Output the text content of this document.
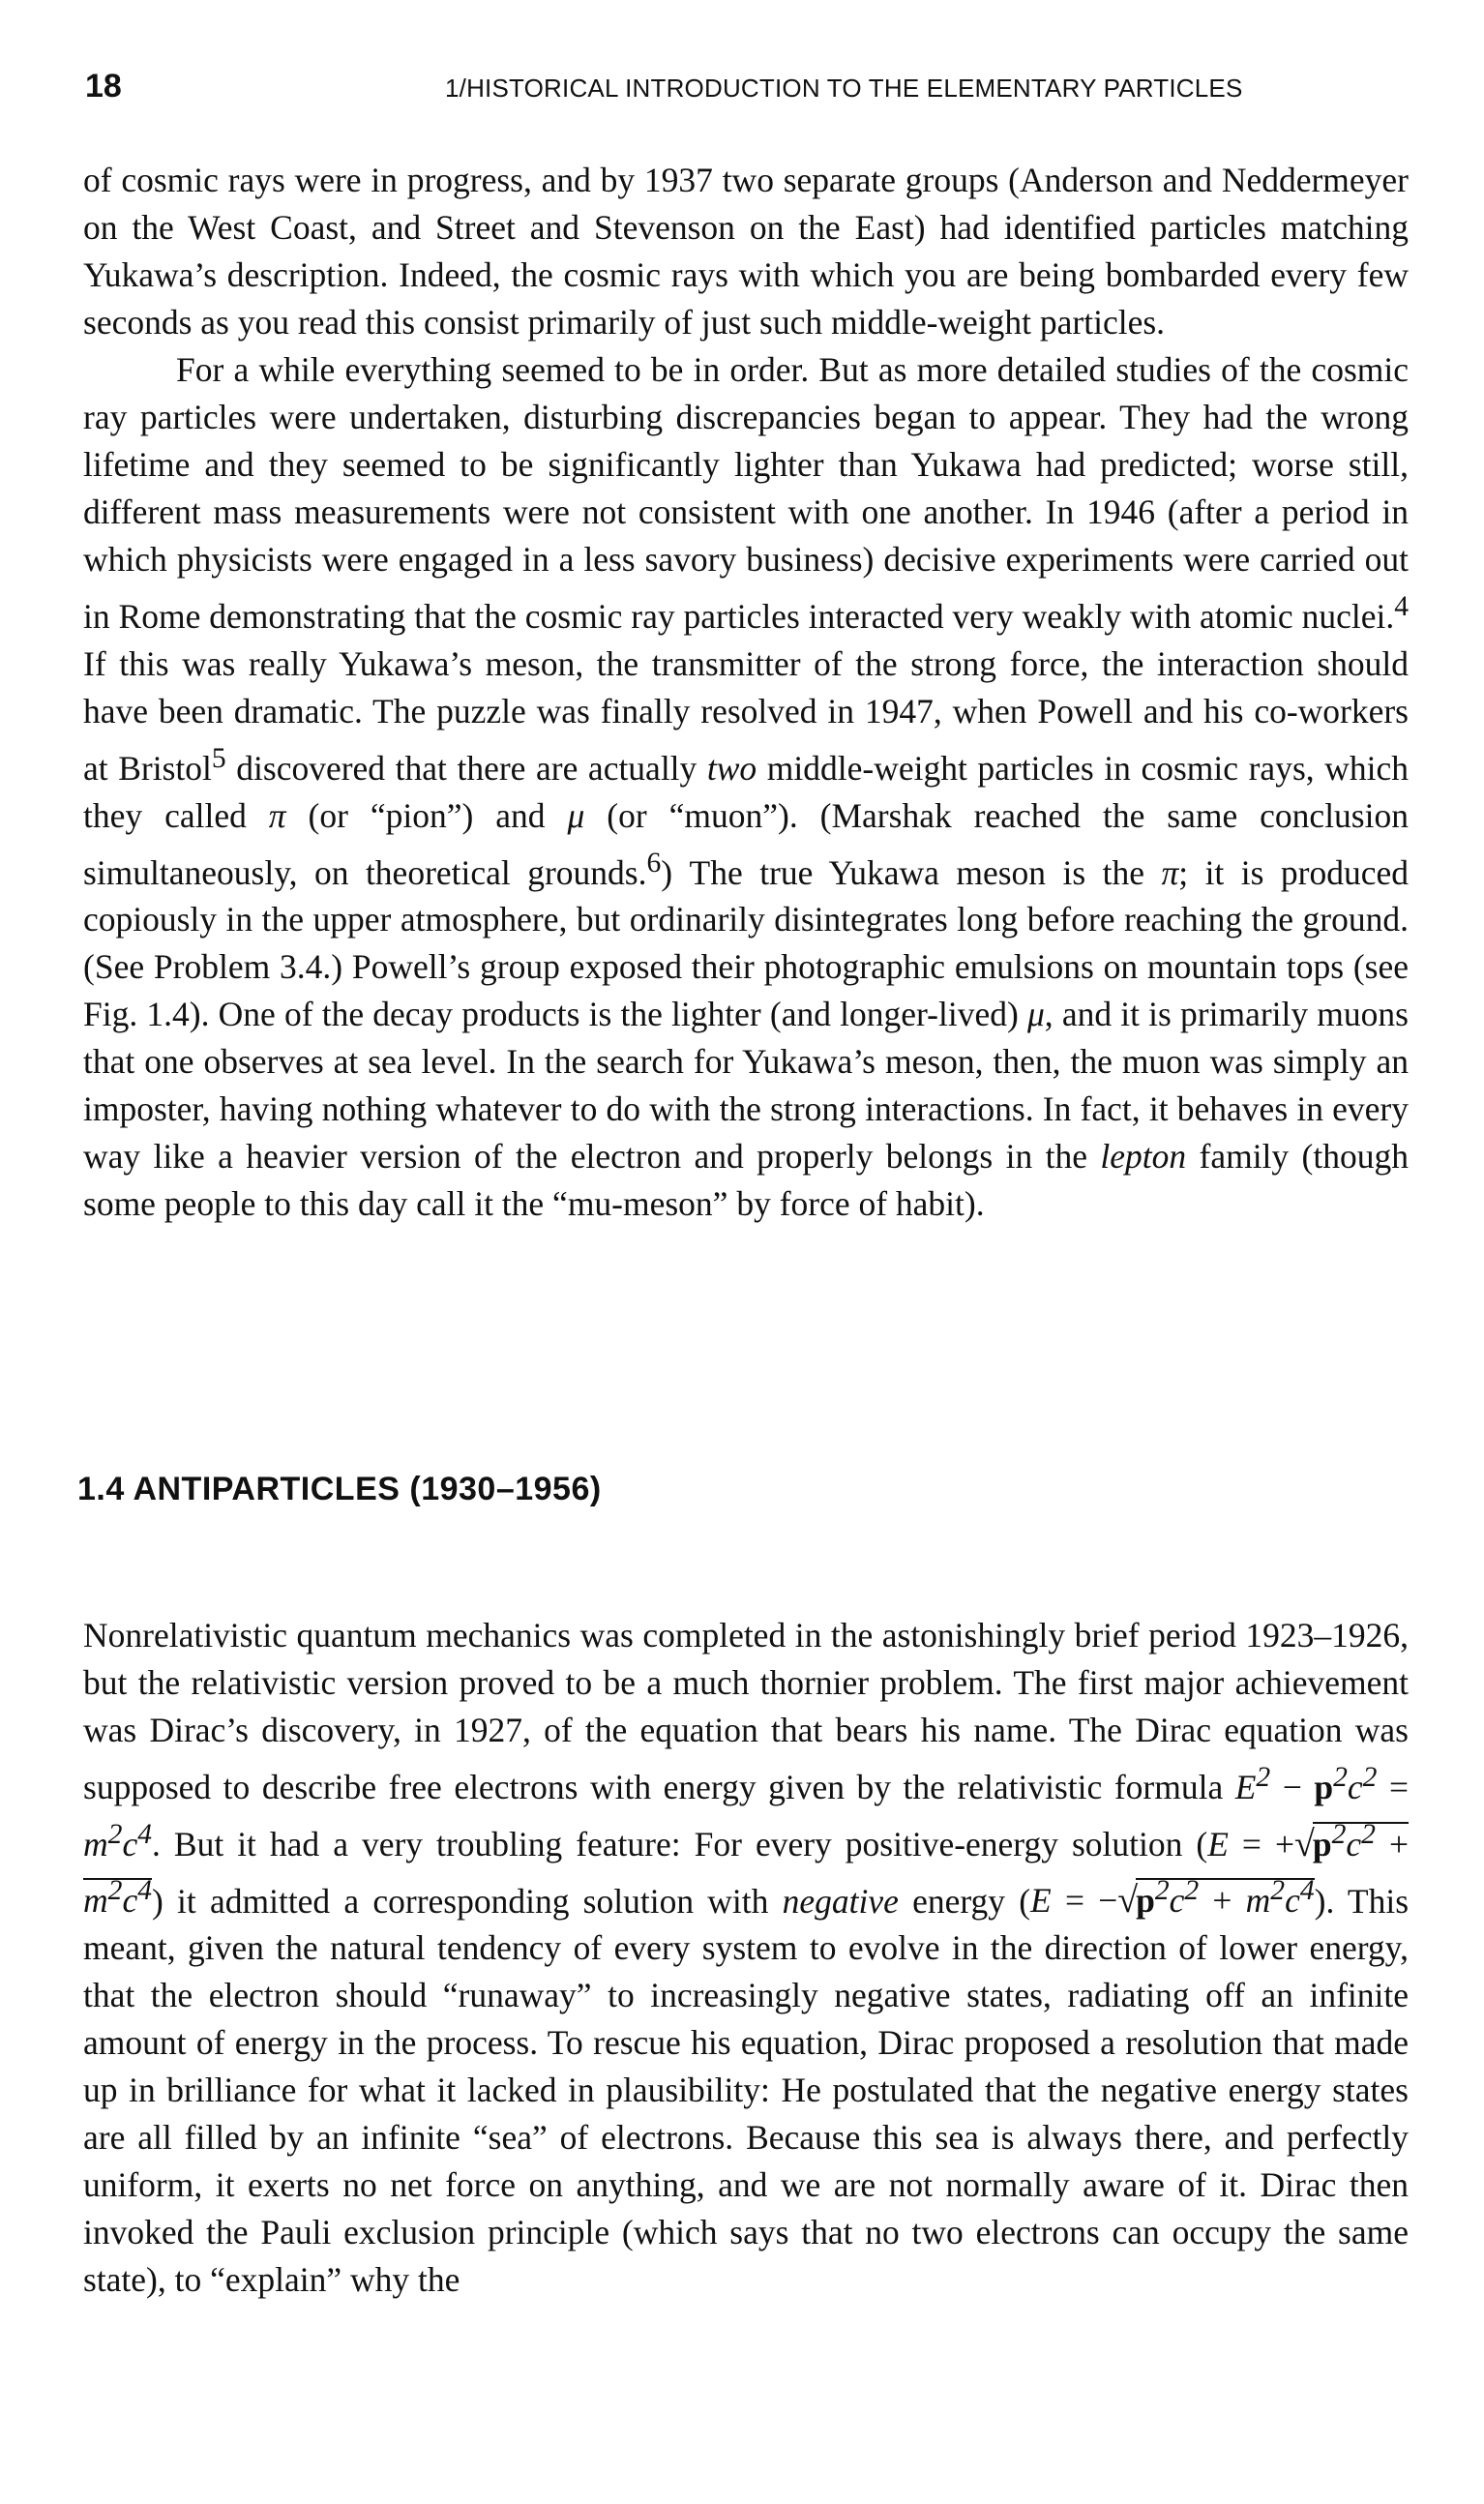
18	1/HISTORICAL INTRODUCTION TO THE ELEMENTARY PARTICLES

of cosmic rays were in progress, and by 1937 two separate groups (Anderson and Neddermeyer on the West Coast, and Street and Stevenson on the East) had identified particles matching Yukawa’s description. Indeed, the cosmic rays with which you are being bombarded every few seconds as you read this consist primarily of just such middle-weight particles.

For a while everything seemed to be in order. But as more detailed studies of the cosmic ray particles were undertaken, disturbing discrepancies began to appear. They had the wrong lifetime and they seemed to be significantly lighter than Yukawa had predicted; worse still, different mass measurements were not consistent with one another. In 1946 (after a period in which physicists were engaged in a less savory business) decisive experiments were carried out in Rome demonstrating that the cosmic ray particles interacted very weakly with atomic nuclei.$^4$ If this was really Yukawa’s meson, the transmitter of the strong force, the interaction should have been dramatic. The puzzle was finally resolved in 1947, when Powell and his co-workers at Bristol$^5$ discovered that there are actually two middle-weight particles in cosmic rays, which they called π (or “pion”) and μ (or “muon”). (Marshak reached the same conclusion simultaneously, on theoretical grounds.$^6$) The true Yukawa meson is the π; it is produced copiously in the upper atmosphere, but ordinarily disintegrates long before reaching the ground. (See Problem 3.4.) Powell’s group exposed their photographic emulsions on mountain tops (see Fig. 1.4). One of the decay products is the lighter (and longer-lived) μ, and it is primarily muons that one observes at sea level. In the search for Yukawa’s meson, then, the muon was simply an imposter, having nothing whatever to do with the strong interactions. In fact, it behaves in every way like a heavier version of the electron and properly belongs in the lepton family (though some people to this day call it the “mu-meson” by force of habit).

1.4 ANTIPARTICLES (1930–1956)

Nonrelativistic quantum mechanics was completed in the astonishingly brief period 1923–1926, but the relativistic version proved to be a much thornier problem. The first major achievement was Dirac’s discovery, in 1927, of the equation that bears his name. The Dirac equation was supposed to describe free electrons with energy given by the relativistic formula $E^2 - p^2c^2 = m^2c^4$. But it had a very troubling feature: For every positive-energy solution $(E = +√p^2c^2 + m^2c^4)$ it admitted a corresponding solution with negative energy $(E = -√p^2c^2 + m^2c^4)$. This meant, given the natural tendency of every system to evolve in the direction of lower energy, that the electron should “runaway” to increasingly negative states, radiating off an infinite amount of energy in the process. To rescue his equation, Dirac proposed a resolution that made up in brilliance for what it lacked in plausibility: He postulated that the negative energy states are all filled by an infinite “sea” of electrons. Because this sea is always there, and perfectly uniform, it exerts no net force on anything, and we are not normally aware of it. Dirac then invoked the Pauli exclusion principle (which says that no two electrons can occupy the same state), to “explain” why the
